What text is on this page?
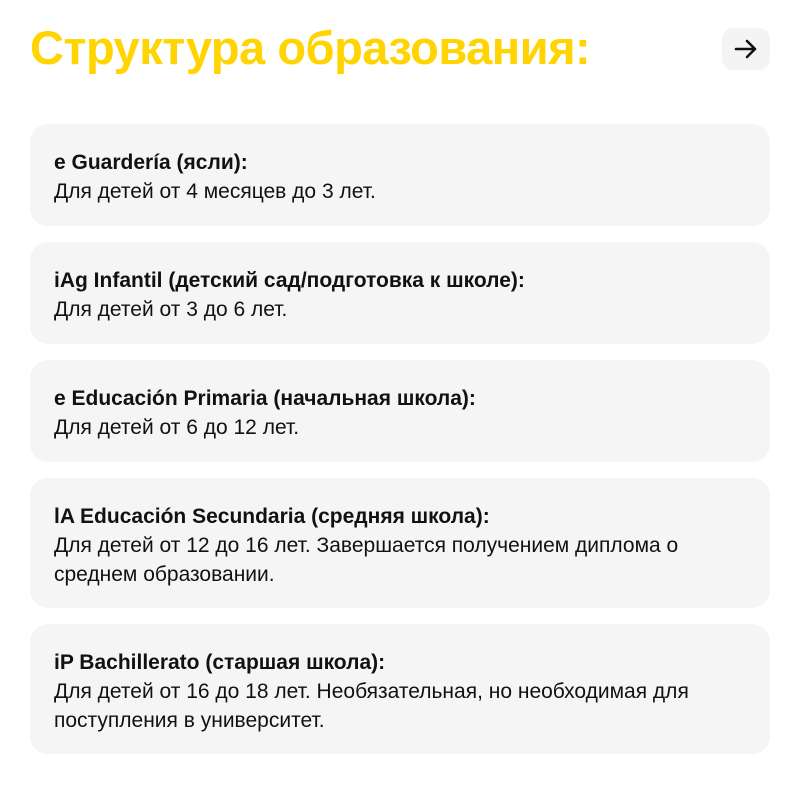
Структура образования:
e Guardería (ясли):
Для детей от 4 месяцев до 3 лет.
iAg Infantil (детский сад/подготовка к школе):
Для детей от 3 до 6 лет.
e Educación Primaria (начальная школа):
Для детей от 6 до 12 лет.
lA Educación Secundaria (средняя школа):
Для детей от 12 до 16 лет. Завершается получением диплома о среднем образовании.
iP Bachillerato (старшая школа):
Для детей от 16 до 18 лет. Необязательная, но необходимая для поступления в университет.
